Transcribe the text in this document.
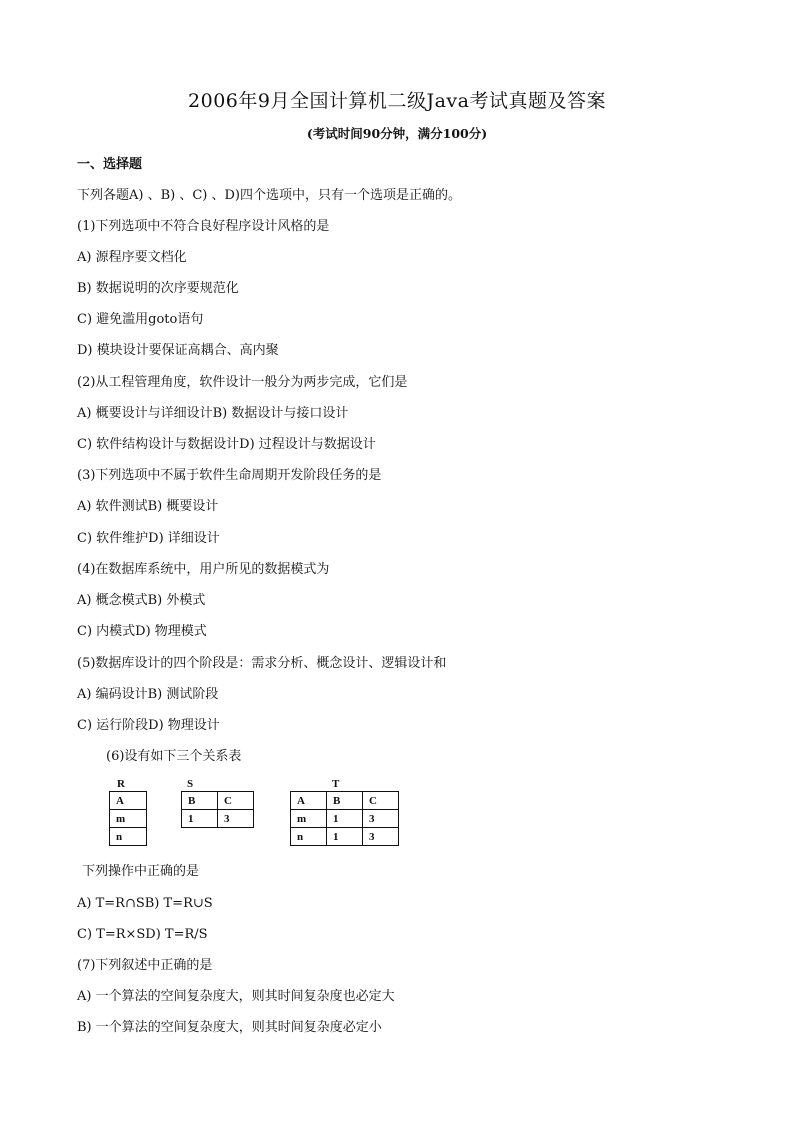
2006年9月全国计算机二级Java考试真题及答案
(考试时间90分钟，满分100分)
一、选择题
下列各题A) 、B) 、C) 、D)四个选项中，只有一个选项是正确的。
(1)下列选项中不符合良好程序设计风格的是
A) 源程序要文档化
B) 数据说明的次序要规范化
C) 避免滥用goto语句
D) 模块设计要保证高耦合、高内聚
(2)从工程管理角度，软件设计一般分为两步完成，它们是
A) 概要设计与详细设计B) 数据设计与接口设计
C) 软件结构设计与数据设计D) 过程设计与数据设计
(3)下列选项中不属于软件生命周期开发阶段任务的是
A) 软件测试B) 概要设计
C) 软件维护D) 详细设计
(4)在数据库系统中，用户所见的数据模式为
A) 概念模式B) 外模式
C) 内模式D) 物理模式
(5)数据库设计的四个阶段是：需求分析、概念设计、逻辑设计和
A) 编码设计B) 测试阶段
C) 运行阶段D) 物理设计
(6)设有如下三个关系表
R
A
m
n
S
B	C
1	3
T
A	B	C
m	1	3
n	1	3
下列操作中正确的是
A) T=R∩SB) T=R∪S
C) T=R×SD) T=R/S
(7)下列叙述中正确的是
A) 一个算法的空间复杂度大，则其时间复杂度也必定大
B) 一个算法的空间复杂度大，则其时间复杂度必定小
